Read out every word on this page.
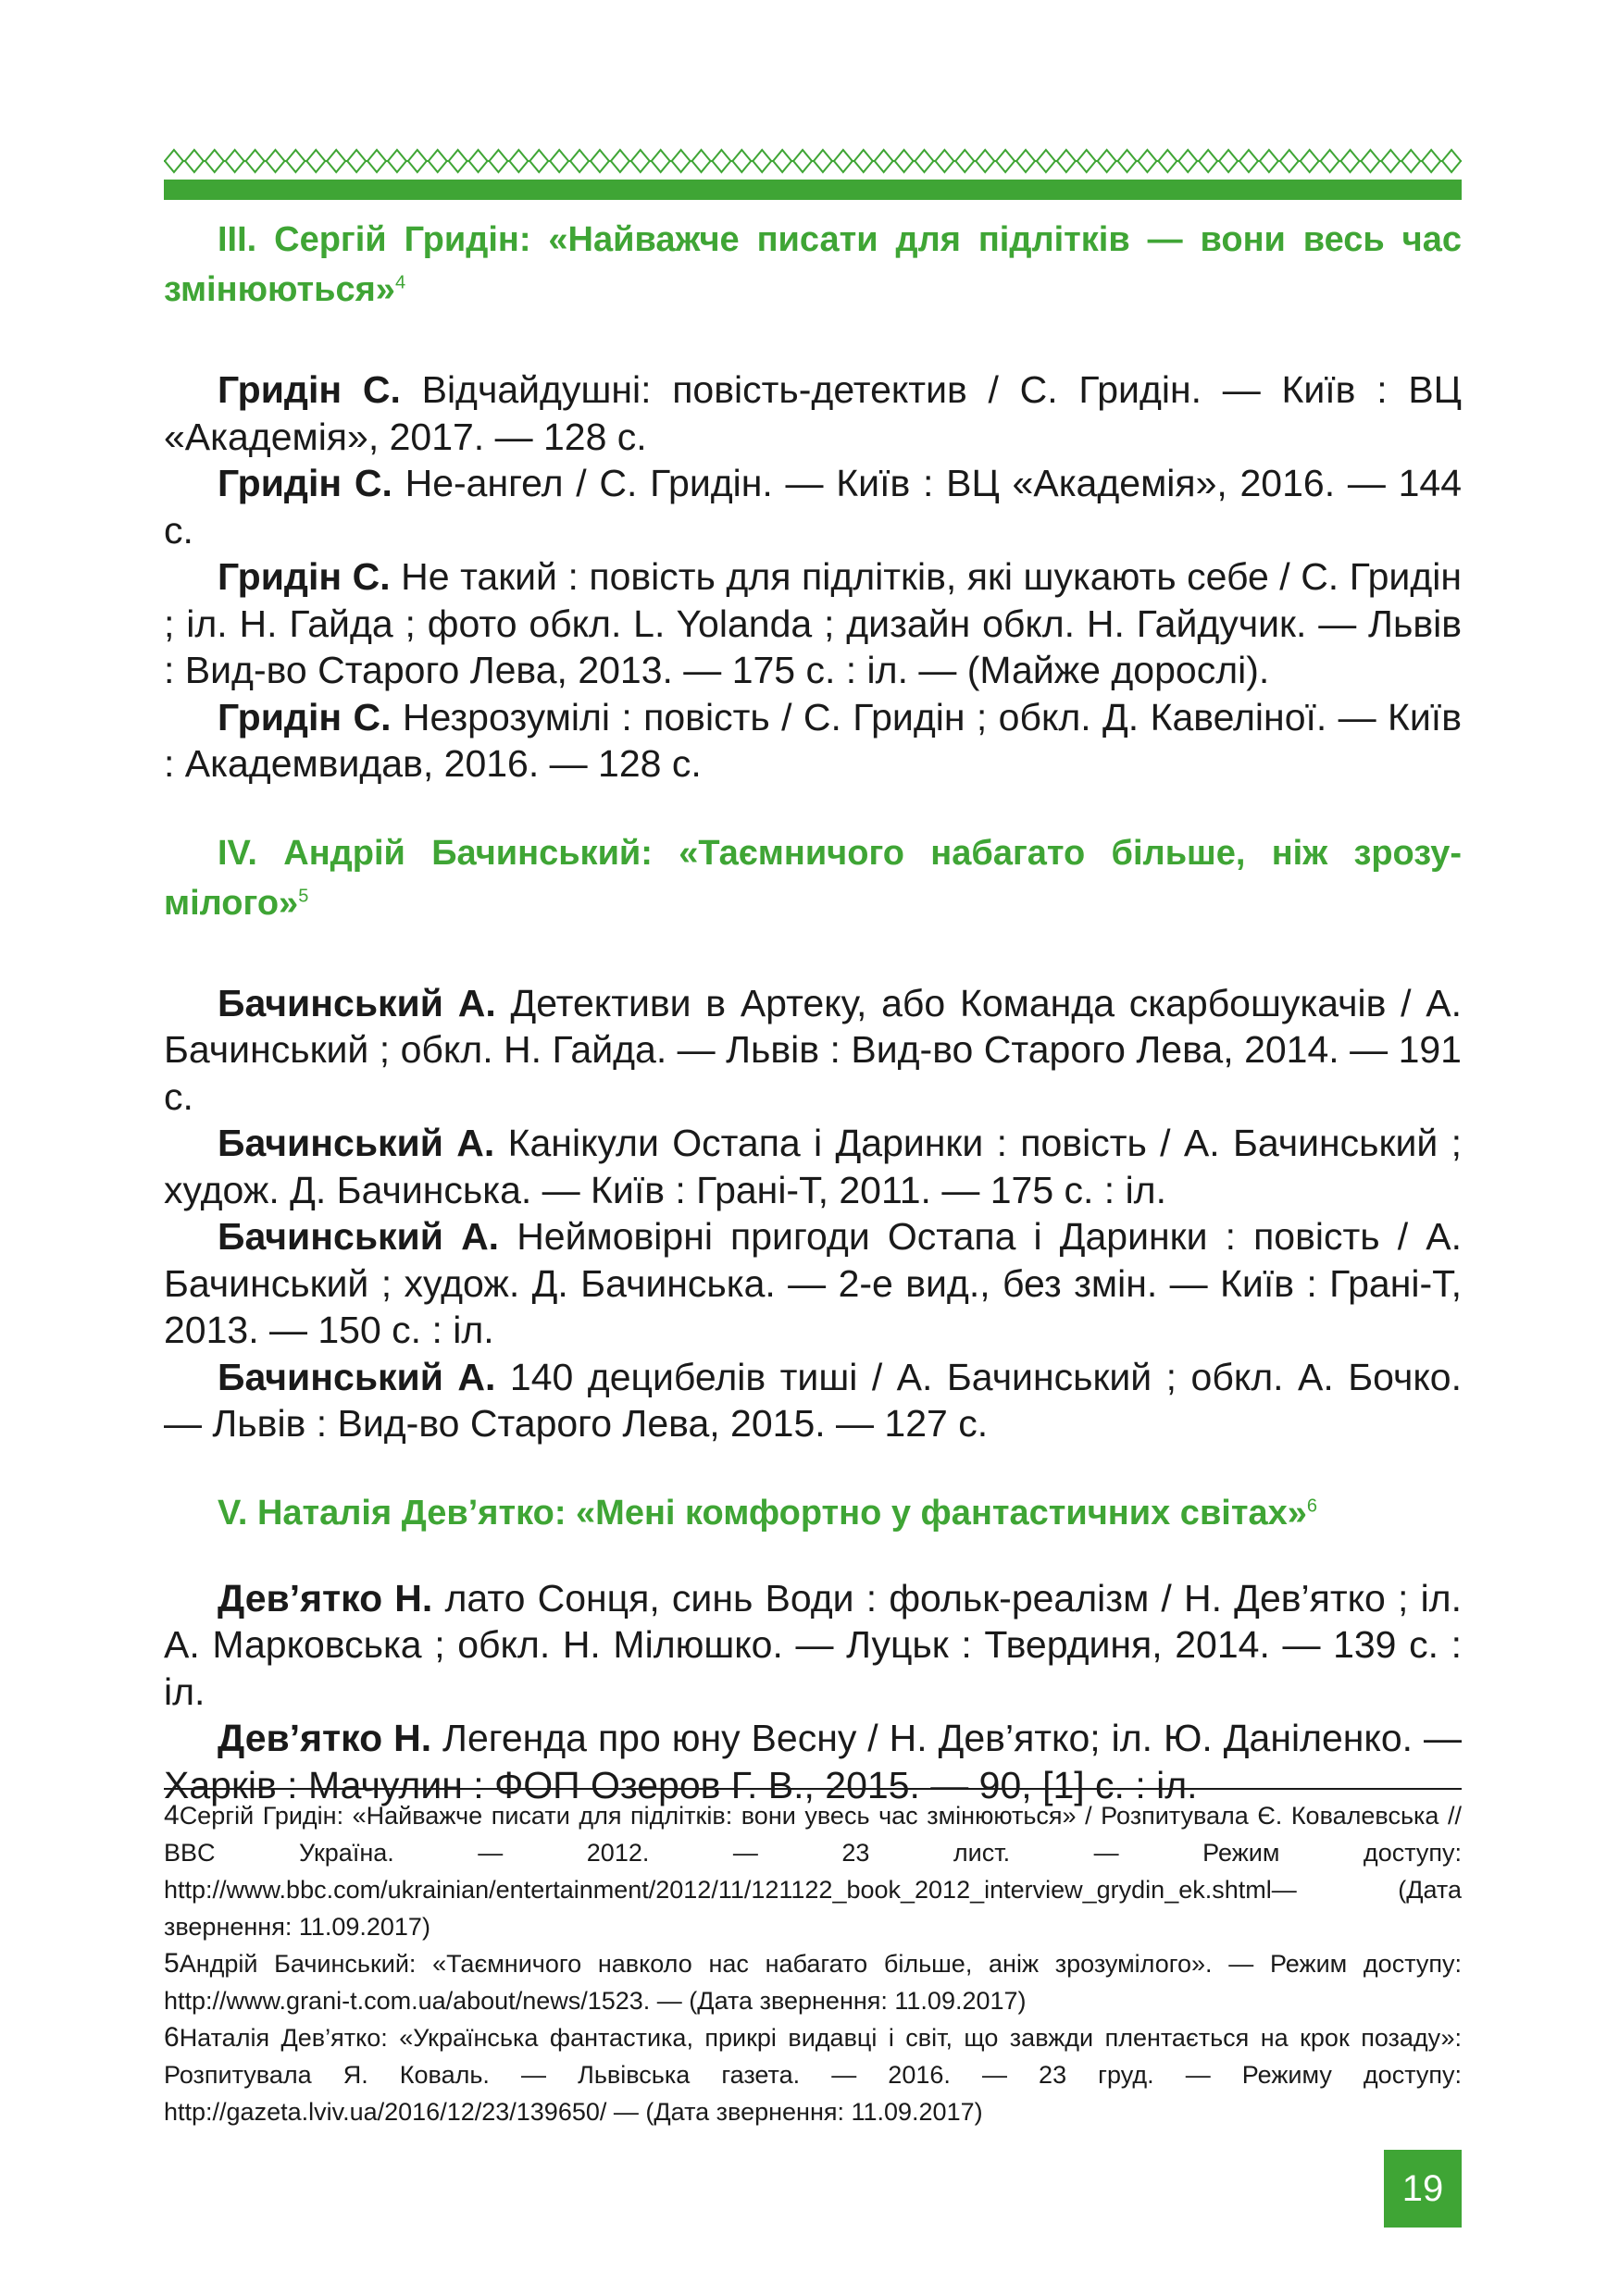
III. Сергій Гридін: «Найважче писати для підлітків — вони весь час змінюються»$^4$

Гридін С. Відчайдушні: повість-детектив / С. Гридін. — Київ : ВЦ «Академія», 2017. — 128 с.

Гридін С. Не-ангел / С. Гридін. — Київ : ВЦ «Академія», 2016. — 144 с.

Гридін С. Не такий : повість для підлітків, які шукають себе / С. Гридін ; іл. Н. Гайда ; фото обкл. L. Yolanda ; дизайн обкл. Н. Гайдучик. — Львів : Вид-во Старого Лева, 2013. — 175 с. : іл. — (Майже дорослі).

Гридін С. Незрозумілі : повість / С. Гридін ; обкл. Д. Кавеліної. — Київ : Академвидав, 2016. — 128 с.

IV. Андрій Бачинський: «Таємничого набагато більше, ніж зрозумілого»$^5$

Бачинський А. Детективи в Артеку, або Команда скарбошукачів / А. Бачинський ; обкл. Н. Гайда. — Львів : Вид-во Старого Лева, 2014. — 191 с.

Бачинський А. Канікули Остапа і Даринки : повість / А. Бачинський ; худож. Д. Бачинська. — Київ : Грані-Т, 2011. — 175 с. : іл.

Бачинський А. Неймовірні пригоди Остапа і Даринки : повість / А. Бачинський ; худож. Д. Бачинська. — 2-е вид., без змін. — Київ : Грані-Т, 2013. — 150 с. : іл.

Бачинський А. 140 децибелів тиші / А. Бачинський ; обкл. А. Бочко. — Львів : Вид-во Старого Лева, 2015. — 127 с.

V. Наталія Дев’ятко: «Мені комфортно у фантастичних світах»$^6$

Дев’ятко Н. лато Сонця, синь Води : фольк-реалізм / Н. Дев’ятко ; іл. А. Марковська ; обкл. Н. Мілюшко. — Луцьк : Твердиня, 2014. — 139 с. : іл.

Дев’ятко Н. Легенда про юну Весну / Н. Дев’ятко; іл. Ю. Даніленко. — Харків : Мачулин : ФОП Озеров Г. В., 2015. — 90, [1] с. : іл.

4Сергій Гридін: «Найважче писати для підлітків: вони увесь час змінюються» / Розпитувала Є. Ковалевська // BBC Україна. — 2012. — 23 лист. — Режим доступу: http://www.bbc.com/ukrainian/entertainment/2012/11/121122_book_2012_interview_grydin_ek.shtml— (Дата звернення: 11.09.2017)

5Андрій Бачинський: «Таємничого навколо нас набагато більше, аніж зрозумілого». — Режим доступу: http://www.grani-t.com.ua/about/news/1523. — (Дата звернення: 11.09.2017)

6Наталія Дев’ятко: «Українська фантастика, прикрі видавці і світ, що завжди плентається на крок позаду»: Розпитувала Я. Коваль. — Львівська газета. — 2016. — 23 груд. — Режиму доступу: http://gazeta.lviv.ua/2016/12/23/139650/ — (Дата звернення: 11.09.2017)

19
